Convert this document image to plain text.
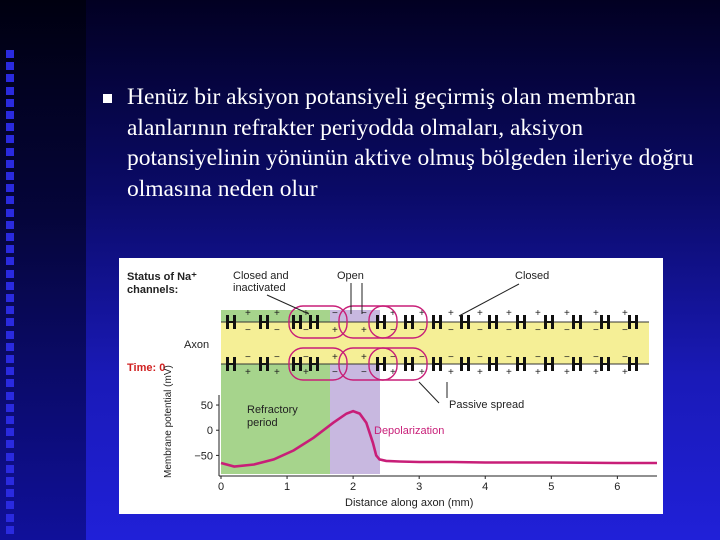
Henüz bir aksiyon potansiyeli geçirmiş olan membran alanlarının refrakter periyodda olmaları, aksiyon potansiyelinin yönünün aktive olmuş bölgeden ileriye doğru olmasına neden olur
+
−
−
+
+
−
−
+
+
−
−
+
−
+
+
−
−
+
+
−
+
−
−
+
+
−
−
+
+
−
−
+
+
−
−
+
+
−
−
+
+
−
−
+
+
−
−
+
+
−
−
+
+
−
−
+
Status of Na⁺
channels:
Closed and
inactivated
Open	Closed
Axon
Time: 0
Passive spread
Refractory
period
Depolarization
50
0
−50
0	1	2	3	4	5	6
Membrane potential (mV)
Distance along axon (mm)
